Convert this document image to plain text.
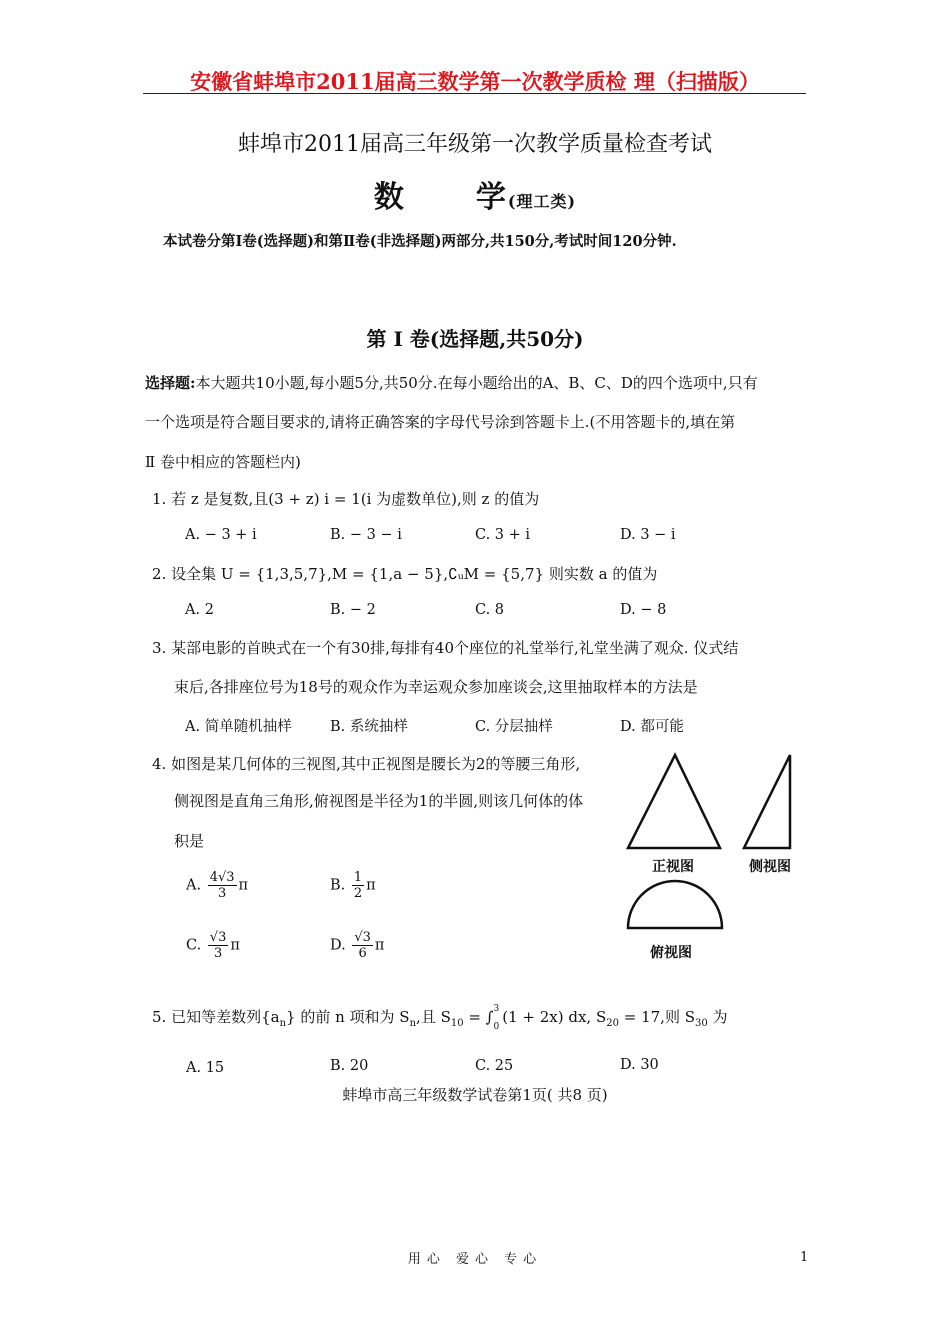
安徽省蚌埠市2011届高三数学第一次教学质检 理（扫描版）
蚌埠市2011届高三年级第一次教学质量检查考试
数 学(理工类)
本试卷分第Ⅰ卷(选择题)和第Ⅱ卷(非选择题)两部分,共150分,考试时间120分钟.
第 Ⅰ 卷(选择题,共50分)
选择题:本大题共10小题,每小题5分,共50分.在每小题给出的A、B、C、D的四个选项中,只有
一个选项是符合题目要求的,请将正确答案的字母代号涂到答题卡上.(不用答题卡的,填在第
Ⅱ 卷中相应的答题栏内)
1. 若 z 是复数,且(3 + z) i = 1(i 为虚数单位),则 z 的值为
A. − 3 + i	B. − 3 − i	C. 3 + i	D. 3 − i
2. 设全集 U = {1,3,5,7},M = {1,a − 5},∁ᵤM = {5,7} 则实数 a 的值为
A. 2	B. − 2	C. 8	D. − 8
3. 某部电影的首映式在一个有30排,每排有40个座位的礼堂举行,礼堂坐满了观众. 仪式结
束后,各排座位号为18号的观众作为幸运观众参加座谈会,这里抽取样本的方法是
A. 简单随机抽样	B. 系统抽样	C. 分层抽样	D. 都可能
4. 如图是某几何体的三视图,其中正视图是腰长为2的等腰三角形,
侧视图是直角三角形,俯视图是半径为1的半圆,则该几何体的体
积是
A. $\frac{4√3}{3}$ π	B. $\frac{1}{2}$ π
C. $\frac{√3}{3}$ π	D. $\frac{√3}{6}$ π
正视图	侧视图
俯视图
5. 已知等差数列$\{a_n\}$ 的前 n 项和为 $S_n$,且 $S_{10}$ = ∫ 3
0
(1 + 2x) dx, $S_{20} = 17$,则 $S_{30}$ 为
A. 15	B. 20	C. 25	D. 30
蚌埠市高三年级数学试卷第1页( 共8 页)
用心 爱心 专心	1
